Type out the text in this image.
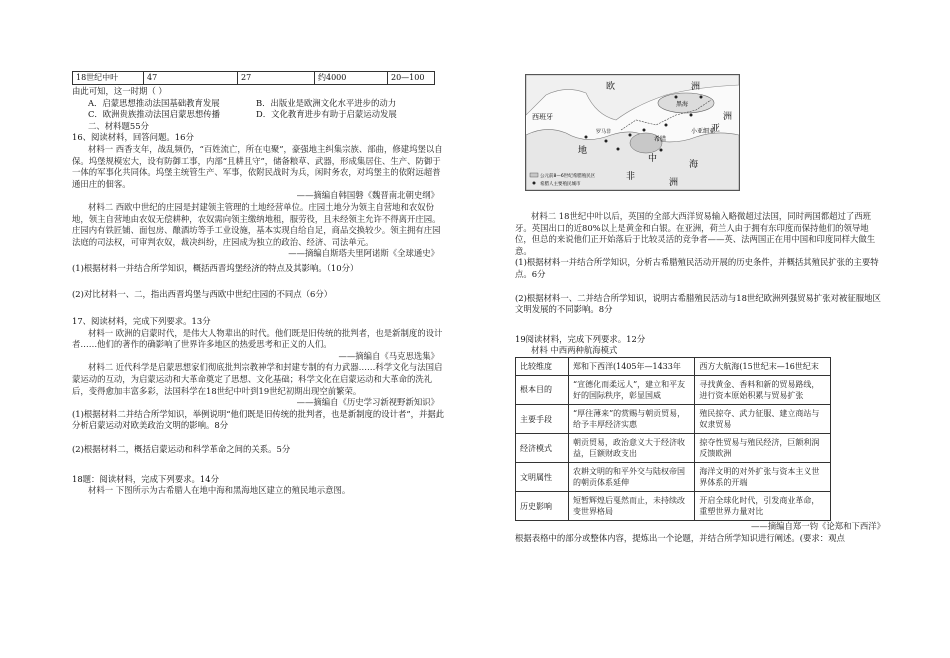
18世纪中叶	47	27	约4000	20—100

由此可知，这一时期（ ）

A．启蒙思想推动法国基础教育发展	B．出版业是欧洲文化水平进步的动力

C．欧洲贵族推动法国启蒙思想传播	D．文化教育进步有助于启蒙运动发展

二、材料题55分

16、阅读材料，回答问题。16分

材料一 西香支年，战乱频仍，“百姓流亡，所在屯聚”，豪强地主纠集宗族、部曲，修建坞堡以自保。坞堡规模宏大，设有防御工事，内部“且耕且守”，储备粮草、武器，形成集居住、生产、防御于一体的军事化共同体。坞堡主统管生产、军事，依附民战时为兵，闲时务农，对坞堡主的依附远超普通田庄的佃客。

——摘编自韩国磐《魏晋南北朝史纲》

材料二 西欧中世纪的庄园是封建领主管理的土地经营单位。庄园土地分为领主自营地和农奴份地，领主自营地由农奴无偿耕种，农奴需向领主缴纳地租，服劳役，且未经领主允许不得离开庄园。庄园内有铁匠铺、面包房、酿酒坊等手工业设施，基本实现自给自足，商品交换较少。领主拥有庄园法庭的司法权，可审判农奴，裁决纠纷，庄园成为独立的政治、经济、司法单元。

——摘编自斯塔夫里阿诺斯《全球通史》

(1)根据材料一并结合所学知识，概括西晋坞堡经济的特点及其影响。（10分）

(2)对比材料一、二，指出西晋坞堡与西欧中世纪庄园的不同点（6分）

17、阅读材料，完成下列要求。13分

材料一 欧洲的启蒙时代，是伟大人物辈出的时代。他们既是旧传统的批判者，也是新制度的设计者……他们的著作的确影响了世界许多地区的热爱思考和正义的人们。

——摘编自《马克思选集》

材料二 近代科学是启蒙思想家们彻底批判宗教神学和封建专制的有力武器……科学文化与法国启蒙运动的互动，为启蒙运动和大革命奠定了思想、文化基础；科学文化在启蒙运动和大革命的洗礼后，变得愈加丰富多彩，法国科学在18世纪中叶到19世纪初期出现空前繁荣。

——摘编自《历史学习新视野新知识》

(1)根据材料二并结合所学知识，举例说明“他们既是旧传统的批判者，也是新制度的设计者”，并据此分析启蒙运动对欧美政治文明的影响。8分

(2)根据材料二，概括启蒙运动和科学革命之间的关系。5分

18题：阅读材料，完成下列要求。14分

材料一 下图所示为古希腊人在地中海和黑海地区建立的殖民地示意图。

欧	洲
西班牙
地
中
海
非
洲
亚
洲
小亚细亚
黑海
希腊
罗马非
公元前8—6世纪希腊殖民区
希腊人主要殖民城市

材料二 18世纪中叶以后，英国的全部大西洋贸易输入略微超过法国，同时两国都超过了西班牙。英国出口的近80%以上是黄金和白银。在亚洲，荷兰人由于拥有东印度而保持他们的领导地位，但总的来说他们正开始落后于比较灵活的竞争者——英、法两国正在用中国和印度同样大做生意。

(1)根据材料一并结合所学知识，分析古希腊殖民活动开展的历史条件，并概括其殖民扩张的主要特点。6分

(2)根据材料一、二并结合所学知识，说明古希腊殖民活动与18世纪欧洲列强贸易扩张对被征服地区文明发展的不同影响。8分

19阅读材料，完成下列要求。12分

材料 中西两种航海模式

比较维度	郑和下西洋(1405年—1433年	西方大航海(15世纪末—16世纪末
根本目的	“宣德化而柔远人”，建立和平友好的国际秩序，彰显国威	寻找黄金、香料和新的贸易路线，进行资本原始积累与贸易扩张
主要手段	“厚往薄来”的赏赐与朝贡贸易，给予丰厚经济实惠	殖民掠夺、武力征服、建立商站与奴隶贸易
经济模式	朝贡贸易，政治意义大于经济收益，巨额财政支出	掠夺性贸易与殖民经济，巨额利润反馈欧洲
文明属性	农耕文明的和平外交与陆权帝国的朝贡体系延伸	海洋文明的对外扩张与资本主义世界体系的开端
历史影响	短暂辉煌后戛然而止，未持续改变世界格局	开启全球化时代，引发商业革命，重塑世界力量对比

——摘编自郑一钧《论郑和下西洋》

根据表格中的部分或整体内容，提炼出一个论题，并结合所学知识进行阐述。(要求：观点
